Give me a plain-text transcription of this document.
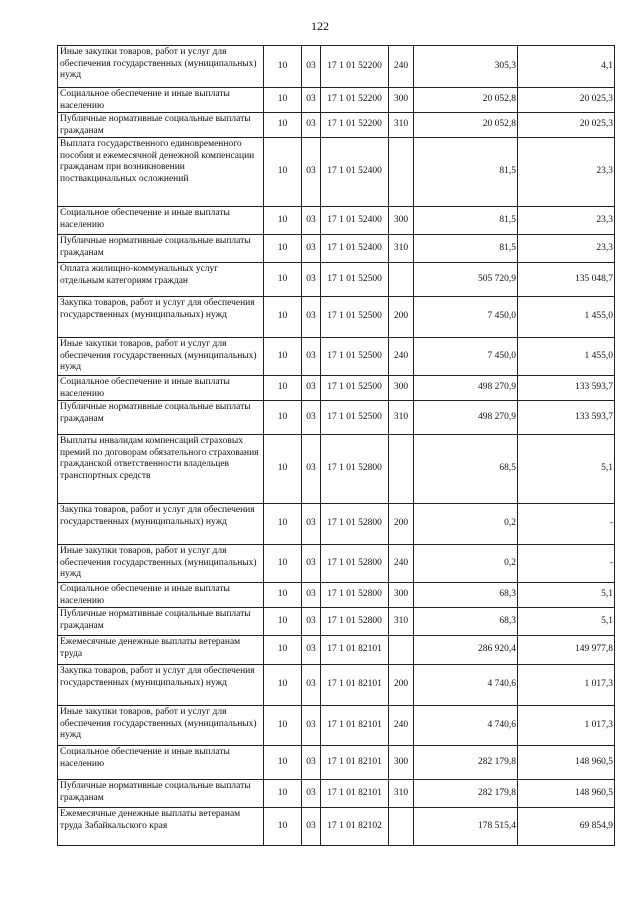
122
Иные закупки товаров, работ и услуг для обеспечения государственных (муниципальных) нужд	10	03	17 1 01 52200	240	305,3	4,1
Социальное обеспечение и иные выплаты населению	10	03	17 1 01 52200	300	20 052,8	20 025,3
Публичные нормативные социальные выплаты гражданам	10	03	17 1 01 52200	310	20 052,8	20 025,3
Выплата государственного единовременного пособия и ежемесячной денежной компенсации гражданам при возникновении поствакцинальных осложнений	10	03	17 1 01 52400		81,5	23,3
Социальное обеспечение и иные выплаты населению	10	03	17 1 01 52400	300	81,5	23,3
Публичные нормативные социальные выплаты гражданам	10	03	17 1 01 52400	310	81,5	23,3
Оплата жилищно-коммунальных услуг отдельным категориям граждан	10	03	17 1 01 52500		505 720,9	135 048,7
Закупка товаров, работ и услуг для обеспечения государственных (муниципальных) нужд	10	03	17 1 01 52500	200	7 450,0	1 455,0
Иные закупки товаров, работ и услуг для обеспечения государственных (муниципальных) нужд	10	03	17 1 01 52500	240	7 450,0	1 455,0
Социальное обеспечение и иные выплаты населению	10	03	17 1 01 52500	300	498 270,9	133 593,7
Публичные нормативные социальные выплаты гражданам	10	03	17 1 01 52500	310	498 270,9	133 593,7
Выплаты инвалидам компенсаций страховых премий по договорам обязательного страхования гражданской ответственности владельцев транспортных средств	10	03	17 1 01 52800		68,5	5,1
Закупка товаров, работ и услуг для обеспечения государственных (муниципальных) нужд	10	03	17 1 01 52800	200	0,2	-
Иные закупки товаров, работ и услуг для обеспечения государственных (муниципальных) нужд	10	03	17 1 01 52800	240	0,2	-
Социальное обеспечение и иные выплаты населению	10	03	17 1 01 52800	300	68,3	5,1
Публичные нормативные социальные выплаты гражданам	10	03	17 1 01 52800	310	68,3	5,1
Ежемесячные денежные выплаты ветеранам труда	10	03	17 1 01 82101		286 920,4	149 977,8
Закупка товаров, работ и услуг для обеспечения государственных (муниципальных) нужд	10	03	17 1 01 82101	200	4 740,6	1 017,3
Иные закупки товаров, работ и услуг для обеспечения государственных (муниципальных) нужд	10	03	17 1 01 82101	240	4 740,6	1 017,3
Социальное обеспечение и иные выплаты населению	10	03	17 1 01 82101	300	282 179,8	148 960,5
Публичные нормативные социальные выплаты гражданам	10	03	17 1 01 82101	310	282 179,8	148 960,5
Ежемесячные денежные выплаты ветеранам труда Забайкальского края	10	03	17 1 01 82102		178 515,4	69 854,9
